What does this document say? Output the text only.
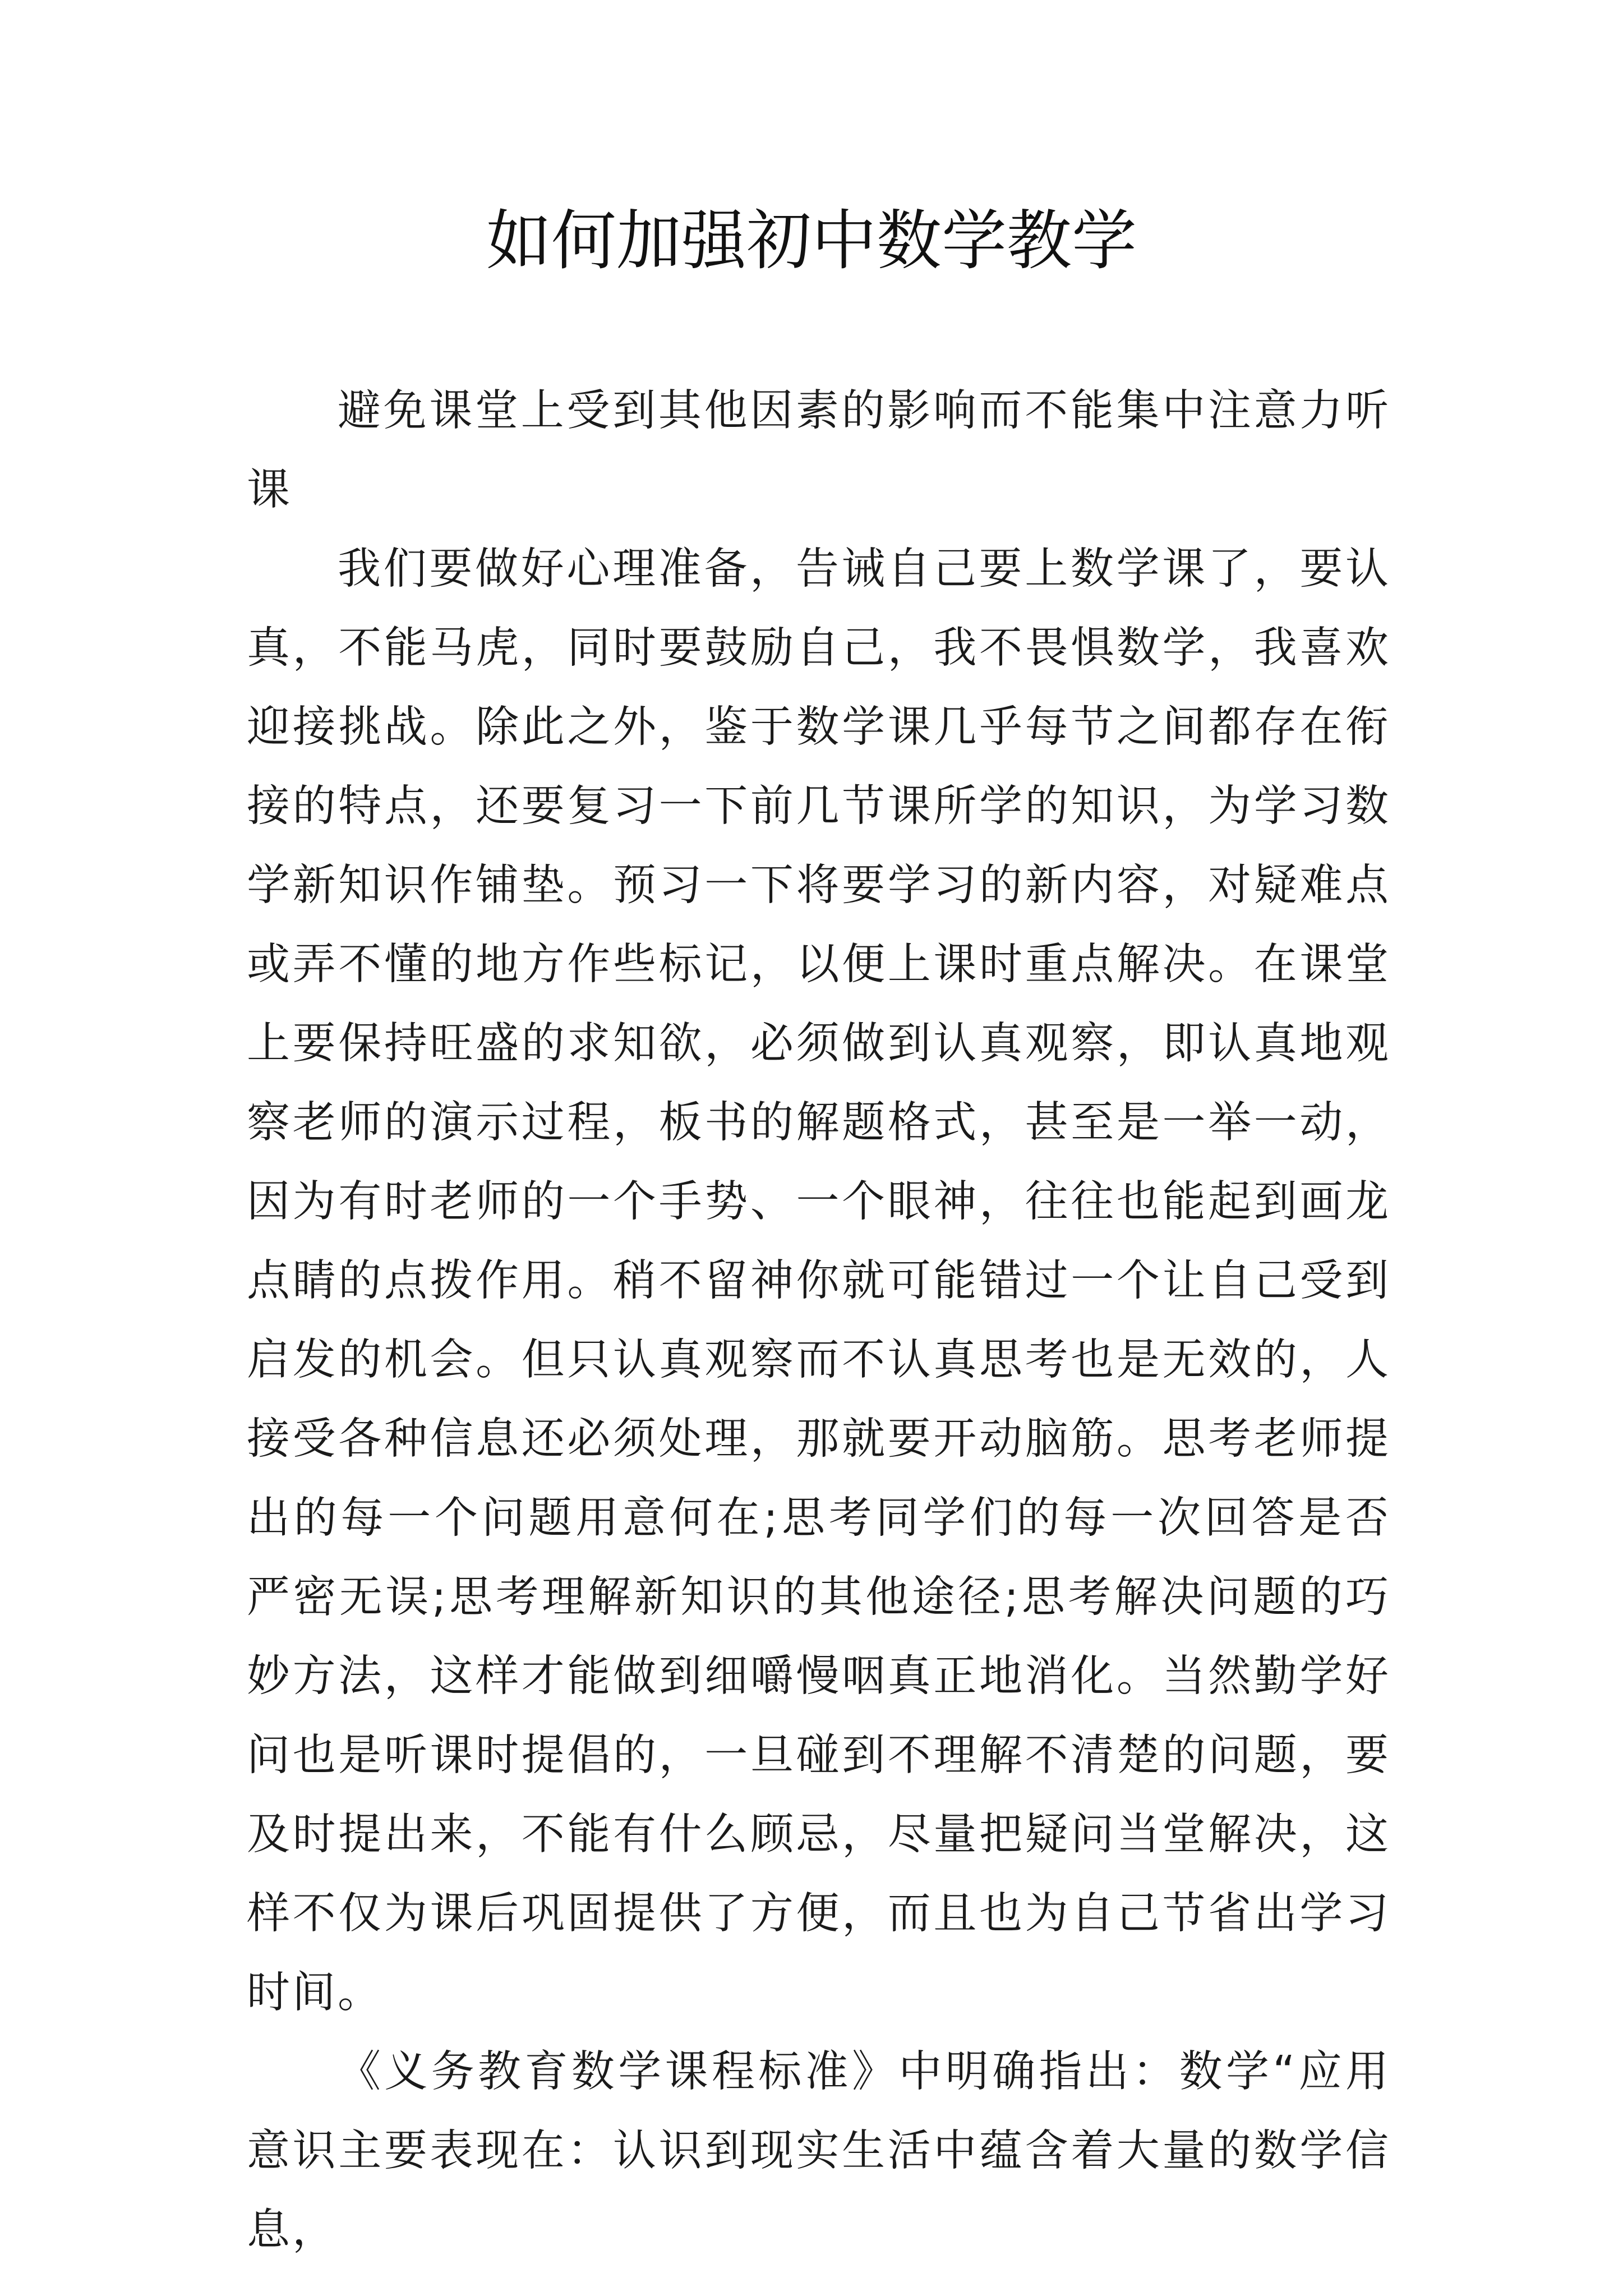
如何加强初中数学教学

避免课堂上受到其他因素的影响而不能集中注意力听课

我们要做好心理准备，告诫自己要上数学课了，要认真，不能马虎，同时要鼓励自己，我不畏惧数学，我喜欢迎接挑战。除此之外，鉴于数学课几乎每节之间都存在衔接的特点，还要复习一下前几节课所学的知识，为学习数学新知识作铺垫。预习一下将要学习的新内容，对疑难点或弄不懂的地方作些标记，以便上课时重点解决。在课堂上要保持旺盛的求知欲，必须做到认真观察，即认真地观察老师的演示过程，板书的解题格式，甚至是一举一动，因为有时老师的一个手势、一个眼神，往往也能起到画龙点睛的点拨作用。稍不留神你就可能错过一个让自己受到启发的机会。但只认真观察而不认真思考也是无效的，人接受各种信息还必须处理，那就要开动脑筋。思考老师提出的每一个问题用意何在;思考同学们的每一次回答是否严密无误;思考理解新知识的其他途径;思考解决问题的巧妙方法，这样才能做到细嚼慢咽真正地消化。当然勤学好问也是听课时提倡的，一旦碰到不理解不清楚的问题，要及时提出来，不能有什么顾忌，尽量把疑问当堂解决，这样不仅为课后巩固提供了方便，而且也为自己节省出学习时间。

《义务教育数学课程标准》中明确指出：数学“应用意识主要表现在：认识到现实生活中蕴含着大量的数学信息，
